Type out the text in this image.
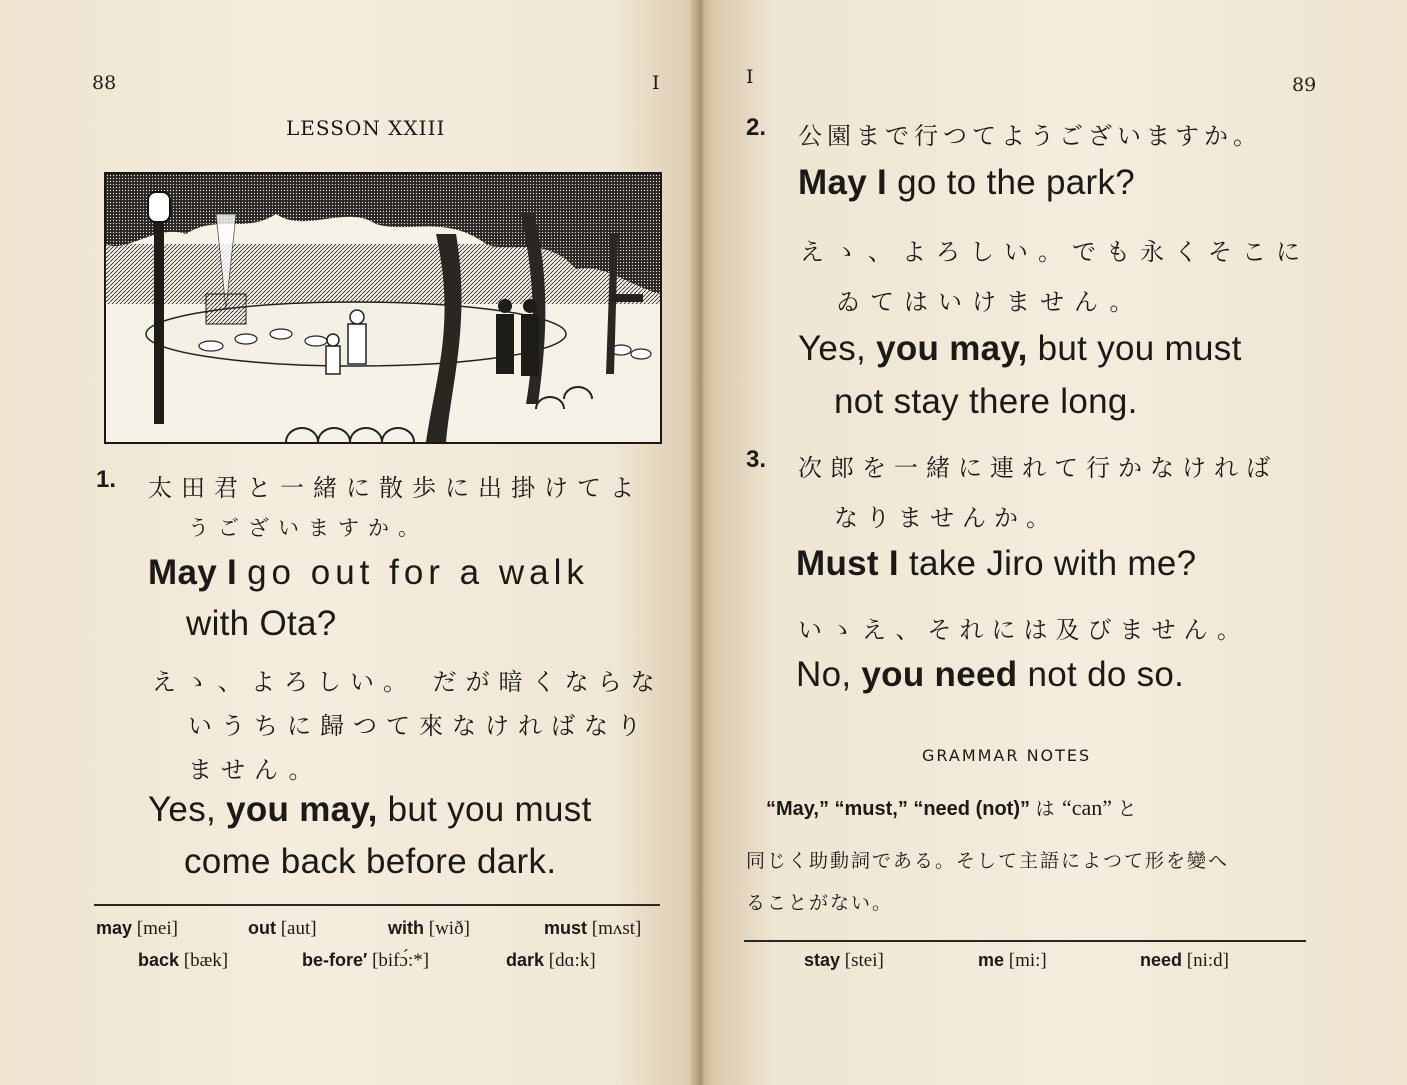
88	I
LESSON XXIII
1. 太田君と一緒に散歩に出掛けてよ
うございますか。
May I go out for a walk
with Ota?
えゝ、よろしい。 だが暗くならな
いうちに歸つて來なければなり
ません。
Yes, you may, but you must
come back before dark.
may [mei]	out [aut]	with [wið]	must [mʌst]
back [bæk]	be-fore′ [bifɔ́:*]	dark [dɑ:k]
I	89
2. 公園まで行つてようございますか。
May I go to the park?
えゝ、よろしい。でも永くそこに
ゐてはいけません。
Yes, you may, but you must
not stay there long.
3. 次郎を一緒に連れて行かなければ
なりませんか。
Must I take Jiro with me?
いゝえ、それには及びません。
No, you need not do so.
GRAMMAR NOTES
“May,” “must,” “need (not)” は “can” と
同じく助動詞である。そして主語によつて形を變へ
ることがない。
stay [stei]	me [mi:]	need [ni:d]
